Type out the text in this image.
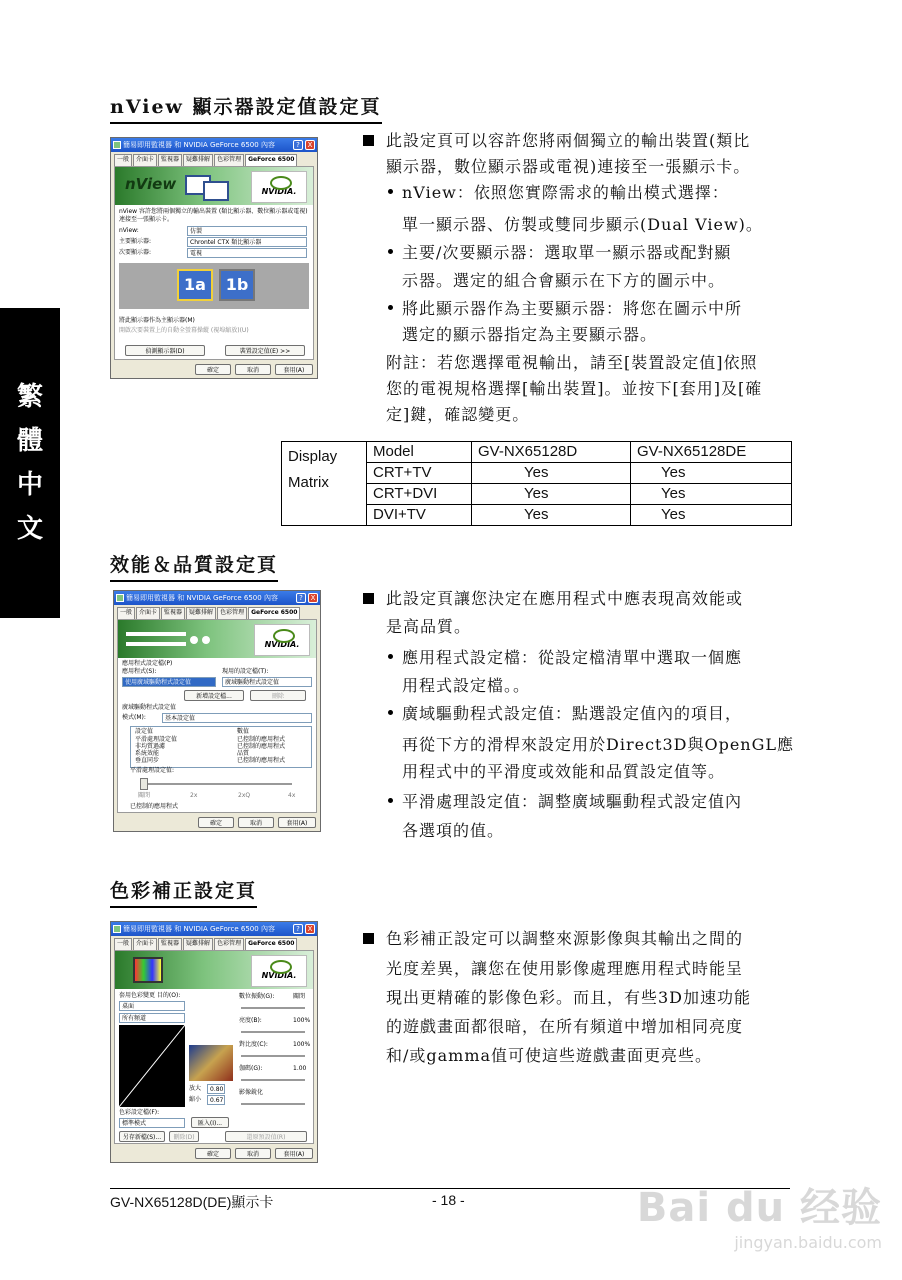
繁
體
中
文
nView 顯示器設定值設定頁
簡易即用監視器 和 NVIDIA GeForce 6500 內容	?	X
一般	介面卡	監視器	疑難排解	色彩管理	GeForce 6500
nView	NVIDIA.
nView 容許您將兩個獨立的輸出裝置 (類比顯示器、數位顯示器或電視) 連接至一張顯示卡。
nView:	仿製
主要顯示器:	Chrontel CTX 類比顯示器
次要顯示器:	電視
1a	1b
將此顯示器作為主顯示器(M)
開啟次要裝置上的自動全螢幕操縱 (視埠縮放)(U)
偵測顯示器(D)	裝置設定值(E) >>
確定	取消	套用(A)

此設定頁可以容許您將兩個獨立的輸出裝置(類比

顯示器，數位顯示器或電視)連接至一張顯示卡。

nView：依照您實際需求的輸出模式選擇：

單一顯示器、仿製或雙同步顯示(Dual View)。

主要/次要顯示器：選取單一顯示器或配對顯

示器。選定的組合會顯示在下方的圖示中。

將此顯示器作為主要顯示器：將您在圖示中所

選定的顯示器指定為主要顯示器。

附註：若您選擇電視輸出，請至[裝置設定值]依照

您的電視規格選擇[輸出裝置]。並按下[套用]及[確

定]鍵，確認變更。

Display
Matrix	Model	GV-NX65128D	GV-NX65128DE
	CRT+TV	Yes	Yes
	CRT+DVI	Yes	Yes
	DVI+TV	Yes	Yes
效能＆品質設定頁
簡易即用監視器 和 NVIDIA GeForce 6500 內容	?	X
一般	介面卡	監視器	疑難排解	色彩管理	GeForce 6500
NVIDIA.
應用程式設定檔(P)
應用程式(S):
使用廣域驅動程式設定值
現用的設定檔(T):
廣域驅動程式設定值
新增設定檔...	刪除
廣域驅動程式設定值
模式(M):	基本設定值
設定值	數值
平滑處理設定值	已控制的應用程式
非均質過濾	已控制的應用程式
系統效能	品質
垂直同步	已控制的應用程式
平滑處理設定值:
關閉	2x	2xQ	4x
已控制的應用程式
確定	取消	套用(A)

此設定頁讓您決定在應用程式中應表現高效能或

是高品質。

應用程式設定檔：從設定檔清單中選取一個應

用程式設定檔。。

廣域驅動程式設定值：點選設定值內的項目，

再從下方的滑桿來設定用於Direct3D與OpenGL應

用程式中的平滑度或效能和品質設定值等。

平滑處理設定值：調整廣域驅動程式設定值內

各選項的值。

色彩補正設定頁
簡易即用監視器 和 NVIDIA GeForce 6500 內容	?	X
一般	介面卡	監視器	疑難排解	色彩管理	GeForce 6500
NVIDIA.
套用色彩變更 目的(O):
桌面
所有頻道
數位振動(G):	關閉
亮度(B):	100%
對比度(C):	100%
伽碼(G):	1.00
影像銳化
放大	0.80
縮小	0.67
色彩設定檔(F):
標準模式	匯入(I)...
另存新檔(S)...	刪除(D)	還原預設值(R)
確定	取消	套用(A)

色彩補正設定可以調整來源影像與其輸出之間的

光度差異，讓您在使用影像處理應用程式時能呈

現出更精確的影像色彩。而且，有些3D加速功能

的遊戲畫面都很暗，在所有頻道中增加相同亮度

和/或gamma值可使這些遊戲畫面更亮些。

GV-NX65128D(DE)顯示卡	- 18 -	Bai du 经验
jingyan.baidu.com
